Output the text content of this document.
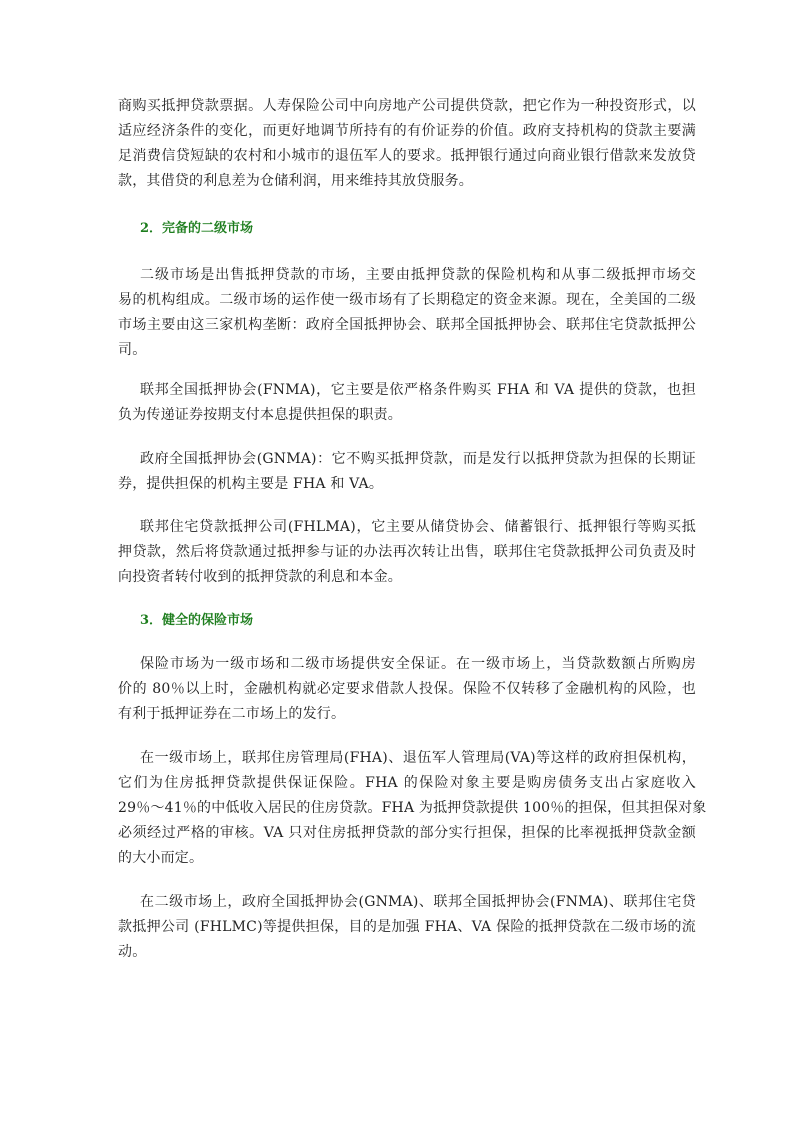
商购买抵押贷款票据。人寿保险公司中向房地产公司提供贷款，把它作为一种投资形式，以
适应经济条件的变化，而更好地调节所持有的有价证券的价值。政府支持机构的贷款主要满
足消费信贷短缺的农村和小城市的退伍军人的要求。抵押银行通过向商业银行借款来发放贷
款，其借贷的利息差为仓储利润，用来维持其放贷服务。
2．完备的二级市场
二级市场是出售抵押贷款的市场，主要由抵押贷款的保险机构和从事二级抵押市场交
易的机构组成。二级市场的运作使一级市场有了长期稳定的资金来源。现在，全美国的二级
市场主要由这三家机构垄断：政府全国抵押协会、联邦全国抵押协会、联邦住宅贷款抵押公
司。
联邦全国抵押协会(FNMA)，它主要是依严格条件购买 FHA 和 VA 提供的贷款，也担
负为传递证券按期支付本息提供担保的职责。
政府全国抵押协会(GNMA)：它不购买抵押贷款，而是发行以抵押贷款为担保的长期证
券，提供担保的机构主要是 FHA 和 VA。
联邦住宅贷款抵押公司(FHLMA)，它主要从储贷协会、储蓄银行、抵押银行等购买抵
押贷款，然后将贷款通过抵押参与证的办法再次转让出售，联邦住宅贷款抵押公司负责及时
向投资者转付收到的抵押贷款的利息和本金。
3．健全的保险市场
保险市场为一级市场和二级市场提供安全保证。在一级市场上，当贷款数额占所购房
价的 80％以上时，金融机构就必定要求借款人投保。保险不仅转移了金融机构的风险，也
有利于抵押证券在二市场上的发行。
在一级市场上，联邦住房管理局(FHA)、退伍军人管理局(VA)等这样的政府担保机构，
它们为住房抵押贷款提供保证保险。FHA 的保险对象主要是购房债务支出占家庭收入
29％～41％的中低收入居民的住房贷款。FHA 为抵押贷款提供 100％的担保，但其担保对象
必须经过严格的审核。VA 只对住房抵押贷款的部分实行担保，担保的比率视抵押贷款金额
的大小而定。
在二级市场上，政府全国抵押协会(GNMA)、联邦全国抵押协会(FNMA)、联邦住宅贷
款抵押公司 (FHLMC)等提供担保，目的是加强 FHA、VA 保险的抵押贷款在二级市场的流
动。
